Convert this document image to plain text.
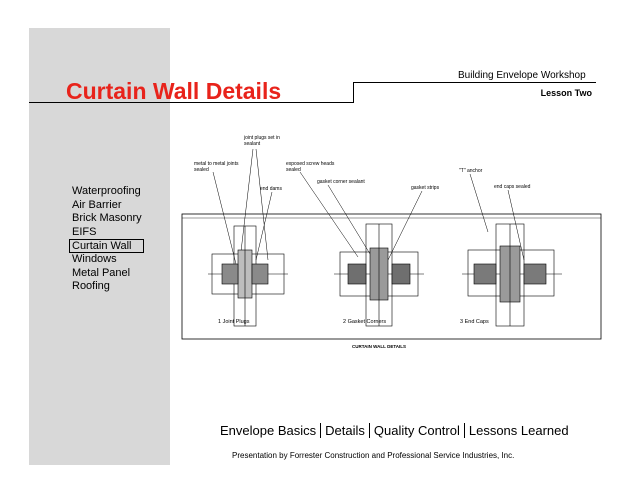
Curtain Wall Details
Building Envelope Workshop
Lesson Two
Waterproofing
Air Barrier
Brick Masonry
EIFS
Curtain Wall
Windows
Metal Panel
Roofing
joint plugs set in sealant
metal to metal joints sealed
end dams
exposed screw heads sealed
gasket corner sealant
gasket strips
"T" anchor
end caps sealed
1 Joint Plugs	2 Gasket Corners	3 End Caps
CURTAIN WALL DETAILS
Envelope Basics Details Quality Control Lessons Learned
Presentation by Forrester Construction and Professional Service Industries, Inc.
